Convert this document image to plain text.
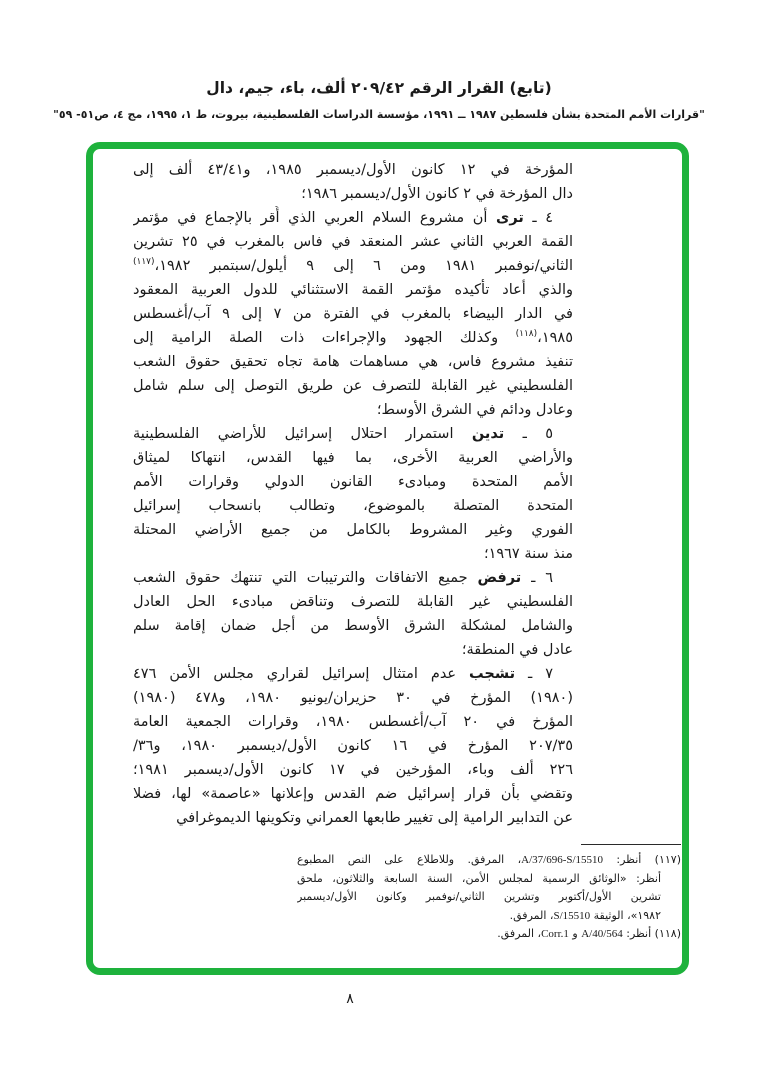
(تابع) القرار الرقم ٢٠٩/٤٢ ألف، باء، جيم، دال
"قرارات الأمم المتحدة بشأن فلسطين ١٩٨٧ ــ ١٩٩١، مؤسسة الدراسات الفلسطينية، بيروت، ط ١، ١٩٩٥، مج ٤، ص٥١- ٥٩"
المؤرخة في ١٢ كانون الأول/ديسمبر ١٩٨٥، و٤٣/٤١ ألف إلى
دال المؤرخة في ٢ كانون الأول/ديسمبر ١٩٨٦؛
٤ ـ ترى أن مشروع السلام العربي الذي أُقر بالإجماع في مؤتمر
القمة العربي الثاني عشر المنعقد في فاس بالمغرب في ٢٥ تشرين
الثاني/نوفمبر ١٩٨١ ومن ٦ إلى ٩ أيلول/سبتمبر ١٩٨٢،$^{(١١٧)}$
والذي أعاد تأكيده مؤتمر القمة الاستثنائي للدول العربية المعقود
في الدار البيضاء بالمغرب في الفترة من ٧ إلى ٩ آب/أغسطس
١٩٨٥،$^{(١١٨)}$ وكذلك الجهود والإجراءات ذات الصلة الرامية إلى
تنفيذ مشروع فاس، هي مساهمات هامة تجاه تحقيق حقوق الشعب
الفلسطيني غير القابلة للتصرف عن طريق التوصل إلى سلم شامل
وعادل ودائم في الشرق الأوسط؛
٥ ـ تدين استمرار احتلال إسرائيل للأراضي الفلسطينية
والأراضي العربية الأخرى، بما فيها القدس، انتهاكا لميثاق
الأمم المتحدة ومبادىء القانون الدولي وقرارات الأمم
المتحدة المتصلة بالموضوع، وتطالب بانسحاب إسرائيل
الفوري وغير المشروط بالكامل من جميع الأراضي المحتلة
منذ سنة ١٩٦٧؛
٦ ـ ترفض جميع الاتفاقات والترتيبات التي تنتهك حقوق الشعب
الفلسطيني غير القابلة للتصرف وتناقض مبادىء الحل العادل
والشامل لمشكلة الشرق الأوسط من أجل ضمان إقامة سلم
عادل في المنطقة؛
٧ ـ تشجب عدم امتثال إسرائيل لقراري مجلس الأمن ٤٧٦
(١٩٨٠) المؤرخ في ٣٠ حزيران/يونيو ١٩٨٠، و٤٧٨ (١٩٨٠)
المؤرخ في ٢٠ آب/أغسطس ١٩٨٠، وقرارات الجمعية العامة
٢٠٧/٣٥ المؤرخ في ١٦ كانون الأول/ديسمبر ١٩٨٠، و٣٦/
٢٢٦ ألف وباء، المؤرخين في ١٧ كانون الأول/ديسمبر ١٩٨١؛
وتقضي بأن قرار إسرائيل ضم القدس وإعلانها «عاصمة» لها، فضلا
عن التدابير الرامية إلى تغيير طابعها العمراني وتكوينها الديموغرافي
(١١٧) أنظر: A/37/696-S/15510، المرفق. وللاطلاع على النص المطبوع
أنظر: «الوثائق الرسمية لمجلس الأمن، السنة السابعة والثلاثون، ملحق
تشرين الأول/أكتوبر وتشرين الثاني/نوفمبر وكانون الأول/ديسمبر
١٩٨٢»، الوثيقة S/15510، المرفق.
(١١٨) أنظر: A/40/564 و Corr.1، المرفق.
٨
